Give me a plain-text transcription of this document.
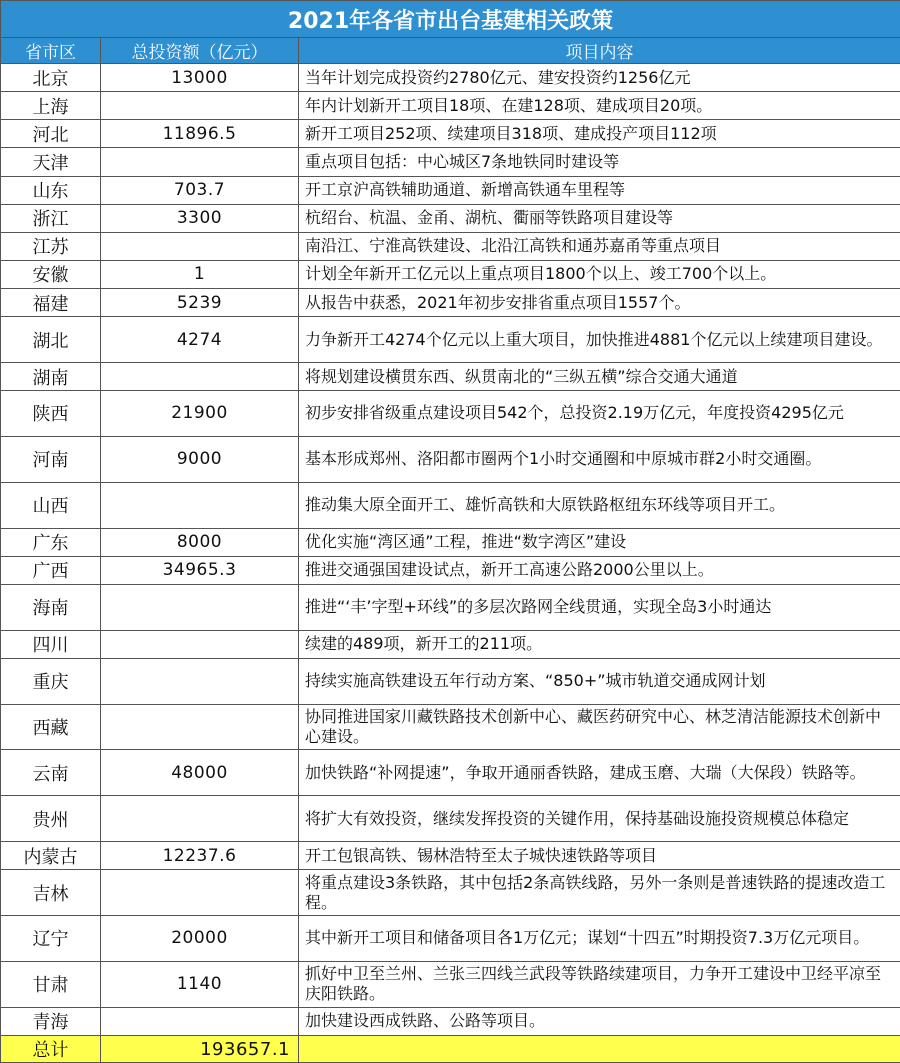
2021年各省市出台基建相关政策		
省市区	总投资额（亿元）	项目内容
北京	13000	当年计划完成投资约2780亿元、建安投资约1256亿元
上海		年内计划新开工项目18项、在建128项、建成项目20项。
河北	11896.5	新开工项目252项、续建项目318项、建成投产项目112项
天津		重点项目包括：中心城区7条地铁同时建设等
山东	703.7	开工京沪高铁辅助通道、新增高铁通车里程等
浙江	3300	杭绍台、杭温、金甬、湖杭、衢丽等铁路项目建设等
江苏		南沿江、宁淮高铁建设、北沿江高铁和通苏嘉甬等重点项目
安徽	1	计划全年新开工亿元以上重点项目1800个以上、竣工700个以上。
福建	5239	从报告中获悉，2021年初步安排省重点项目1557个。
湖北	4274	力争新开工4274个亿元以上重大项目，加快推进4881个亿元以上续建项目建设。
湖南		将规划建设横贯东西、纵贯南北的“三纵五横”综合交通大通道
陕西	21900	初步安排省级重点建设项目542个，总投资2.19万亿元，年度投资4295亿元
河南	9000	基本形成郑州、洛阳都市圈两个1小时交通圈和中原城市群2小时交通圈。
山西		推动集大原全面开工、雄忻高铁和大原铁路枢纽东环线等项目开工。
广东	8000	优化实施“湾区通”工程，推进“数字湾区”建设
广西	34965.3	推进交通强国建设试点，新开工高速公路2000公里以上。
海南		推进“‘丰’字型+环线”的多层次路网全线贯通，实现全岛3小时通达
四川		续建的489项，新开工的211项。
重庆		持续实施高铁建设五年行动方案、“850+”城市轨道交通成网计划
西藏		协同推进国家川藏铁路技术创新中心、藏医药研究中心、林芝清洁能源技术创新中心建设。
云南	48000	加快铁路“补网提速”，争取开通丽香铁路，建成玉磨、大瑞（大保段）铁路等。
贵州		将扩大有效投资，继续发挥投资的关键作用，保持基础设施投资规模总体稳定
内蒙古	12237.6	开工包银高铁、锡林浩特至太子城快速铁路等项目
吉林		将重点建设3条铁路，其中包括2条高铁线路，另外一条则是普速铁路的提速改造工程。
辽宁	20000	其中新开工项目和储备项目各1万亿元；谋划“十四五”时期投资7.3万亿元项目。
甘肃	1140	抓好中卫至兰州、兰张三四线兰武段等铁路续建项目，力争开工建设中卫经平凉至庆阳铁路。
青海		加快建设西成铁路、公路等项目。
总计	193657.1	
